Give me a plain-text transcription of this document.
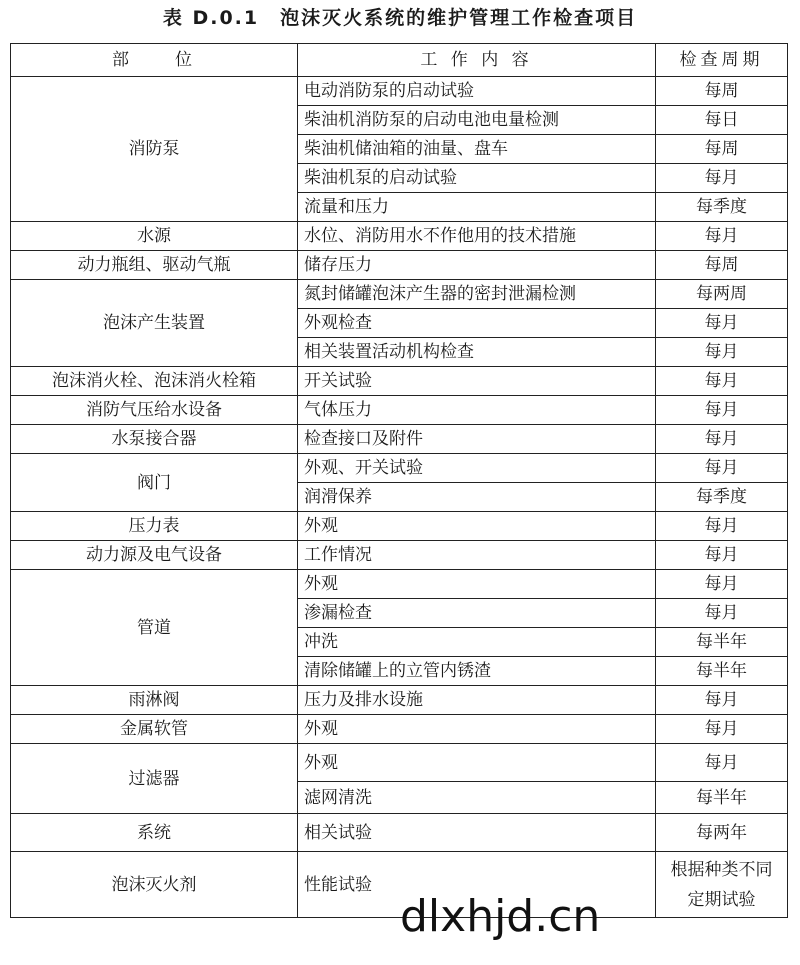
表 D.0.1　泡沫灭火系统的维护管理工作检查项目
部　　位	工 作 内 容	检查周期
消防泵	电动消防泵的启动试验	每周
	柴油机消防泵的启动电池电量检测	每日
	柴油机储油箱的油量、盘车	每周
	柴油机泵的启动试验	每月
	流量和压力	每季度
水源	水位、消防用水不作他用的技术措施	每月
动力瓶组、驱动气瓶	储存压力	每周
泡沫产生装置	氮封储罐泡沫产生器的密封泄漏检测	每两周
	外观检查	每月
	相关装置活动机构检查	每月
泡沫消火栓、泡沫消火栓箱	开关试验	每月
消防气压给水设备	气体压力	每月
水泵接合器	检查接口及附件	每月
阀门	外观、开关试验	每月
	润滑保养	每季度
压力表	外观	每月
动力源及电气设备	工作情况	每月
管道	外观	每月
	渗漏检查	每月
	冲洗	每半年
	清除储罐上的立管内锈渣	每半年
雨淋阀	压力及排水设施	每月
金属软管	外观	每月
过滤器	外观	每月
	滤网清洗	每半年
系统	相关试验	每两年
泡沫灭火剂	性能试验	根据种类不同定期试验
dlxhjd.cn
